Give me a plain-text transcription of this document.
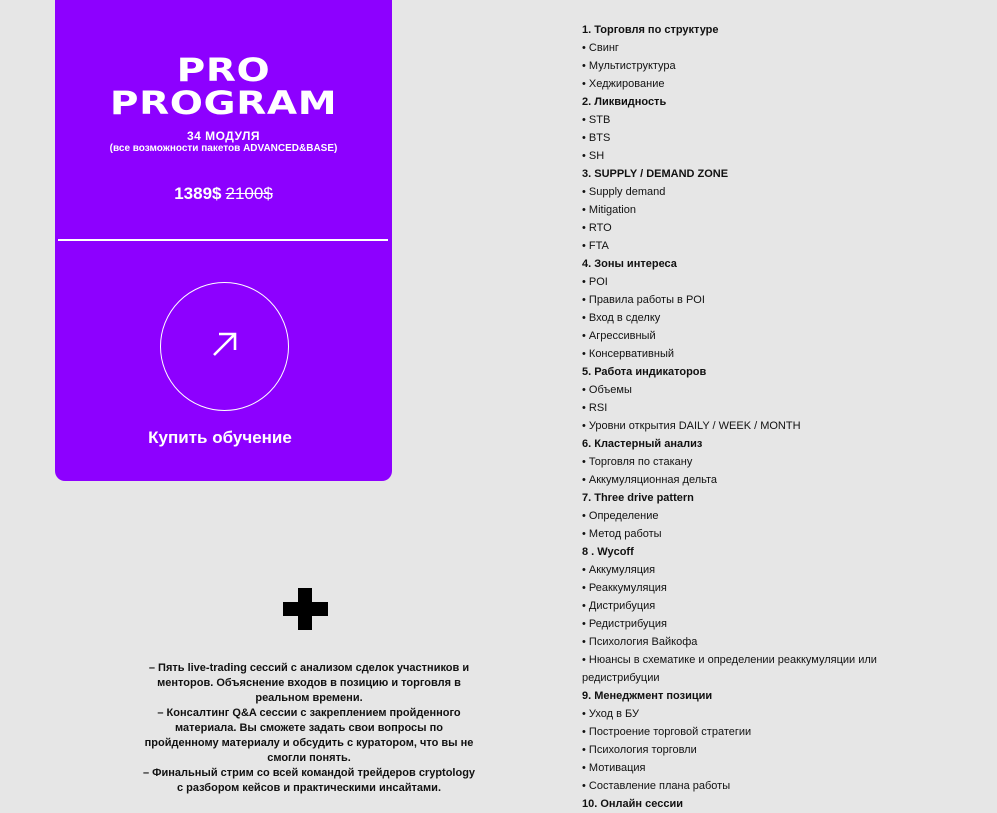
PRO
PROGRAM
34 МОДУЛЯ
(все возможности пакетов ADVANCED&BASE)
1389$ 2100$
Купить обучение

– Пять live-trading сессий с анализом сделок участников и менторов. Объяснение входов в позицию и торговля в реальном времени.

– Консалтинг Q&A сессии с закреплением пройденного материала. Вы сможете задать свои вопросы по пройденному материалу и обсудить с куратором, что вы не смогли понять.

– Финальный стрим со всей командой трейдеров cryptology с разбором кейсов и практическими инсайтами.

1. Торговля по структуре
• Свинг
• Мультиструктура
• Хеджирование
2. Ликвидность
• STB
• BTS
• SH
3. SUPPLY / DEMAND ZONE
• Supply demand
• Mitigation
• RTO
• FTA
4. Зоны интереса
• POI
• Правила работы в POI
• Вход в сделку
• Агрессивный
• Консервативный
5. Работа индикаторов
• Объемы
• RSI
• Уровни открытия DAILY / WEEK / MONTH
6. Кластерный анализ
• Торговля по стакану
• Аккумуляционная дельта
7. Three drive pattern
• Определение
• Метод работы
8 . Wycoff
• Аккумуляция
• Реаккумуляция
• Дистрибуция
• Редистрибуция
• Психология Вайкофа
• Нюансы в схематике и определении реаккумуляции или редистрибуции
9. Менеджмент позиции
• Уход в БУ
• Построение торговой стратегии
• Психология торговли
• Мотивация
• Составление плана работы
10. Онлайн сессии
